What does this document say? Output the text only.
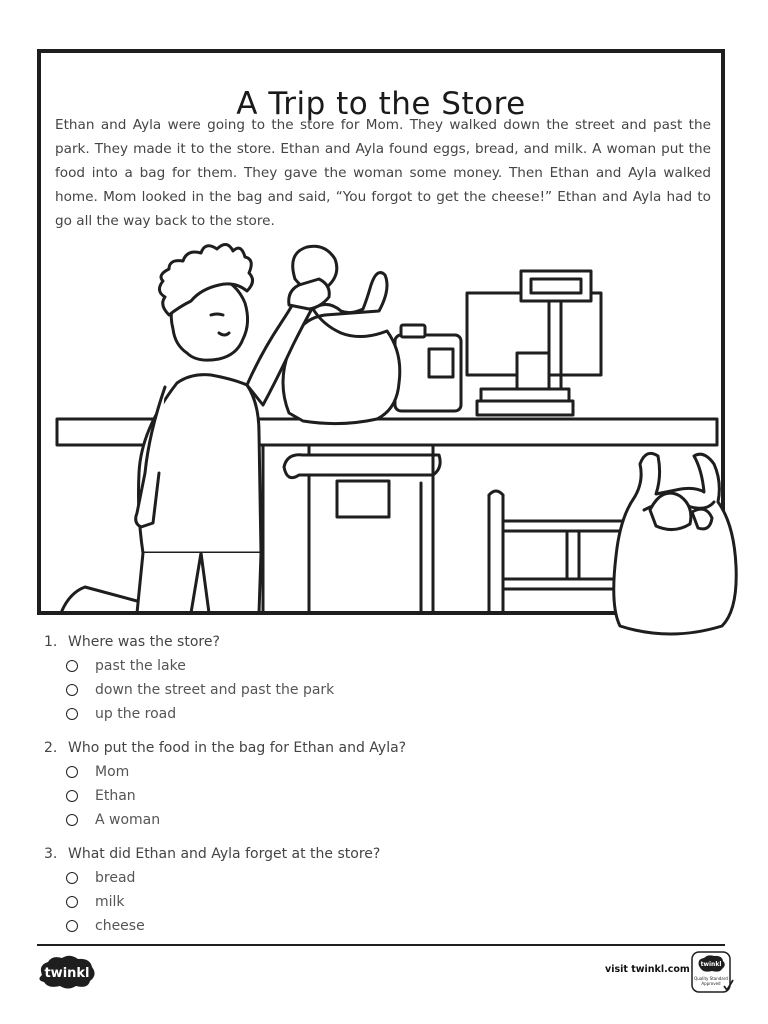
A Trip to the Store

Ethan and Ayla were going to the store for Mom. They walked down the street and past the park. They made it to the store. Ethan and Ayla found eggs, bread, and milk. A woman put the food into a bag for them. They gave the woman some money. Then Ethan and Ayla walked home. Mom looked in the bag and said, “You forgot to get the cheese!” Ethan and Ayla had to go all the way back to the store.

1. Where was the store?
past the lake
down the street and past the park
up the road
2. Who put the food in the bag for Ethan and Ayla?
Mom
Ethan
A woman
3. What did Ethan and Ayla forget at the store?
bread
milk
cheese
twinkl	visit twinkl.com twinkl
Quality Standard
Approved
